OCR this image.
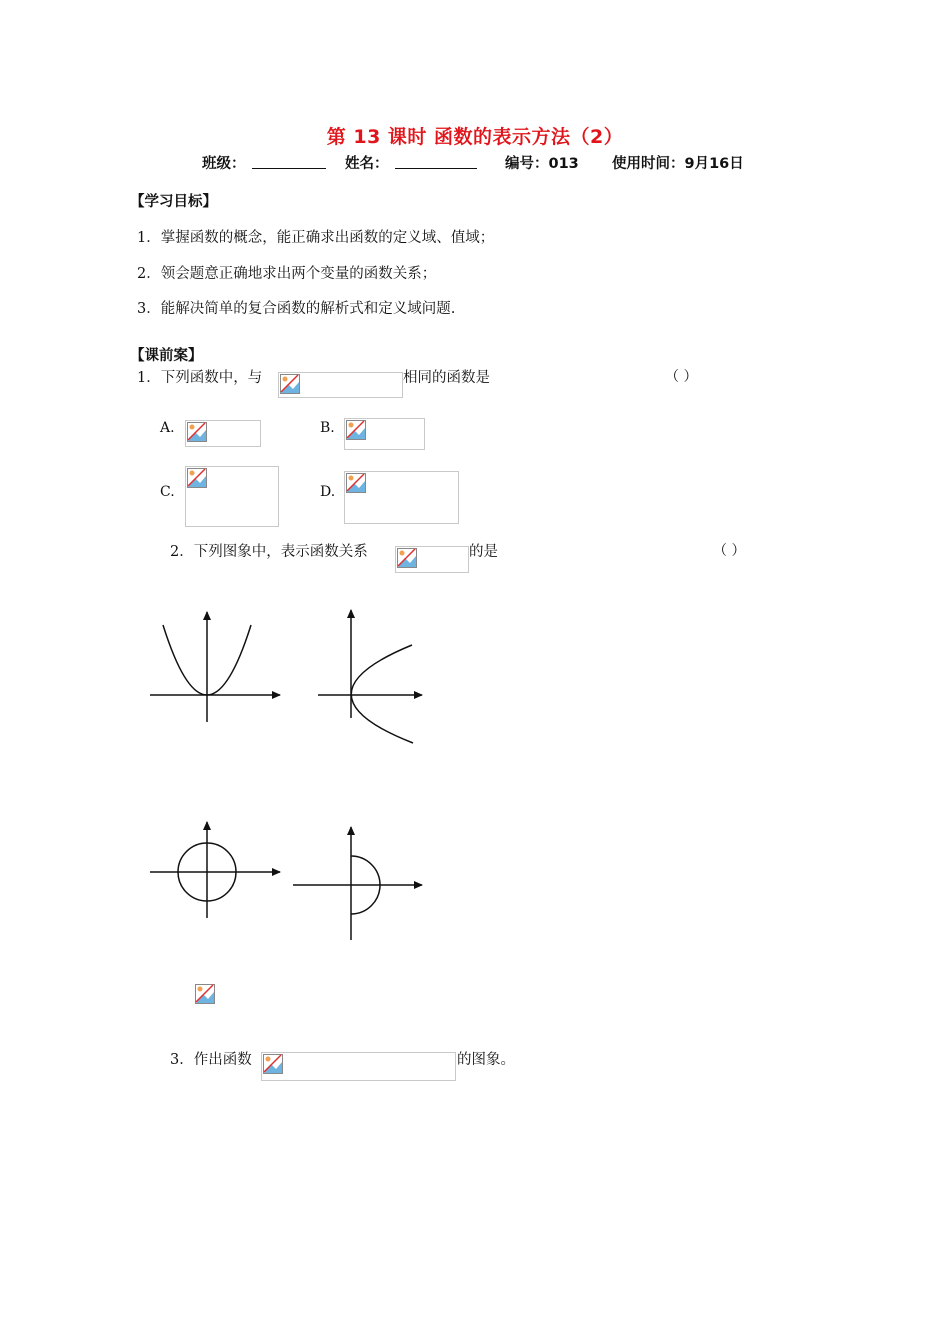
第 13 课时 函数的表示方法（2）
班级：	姓名：	编号：013 使用时间：9月16日
【学习目标】
1．掌握函数的概念，能正确求出函数的定义域、值域；
2．领会题意正确地求出两个变量的函数关系；
3．能解决简单的复合函数的解析式和定义域问题.
【课前案】
1．下列函数中，与	相同的函数是	（ ）
A.	B.
C.	D.
2．下列图象中，表示函数关系	的是	（ ）
3．作出函数	的图象。
